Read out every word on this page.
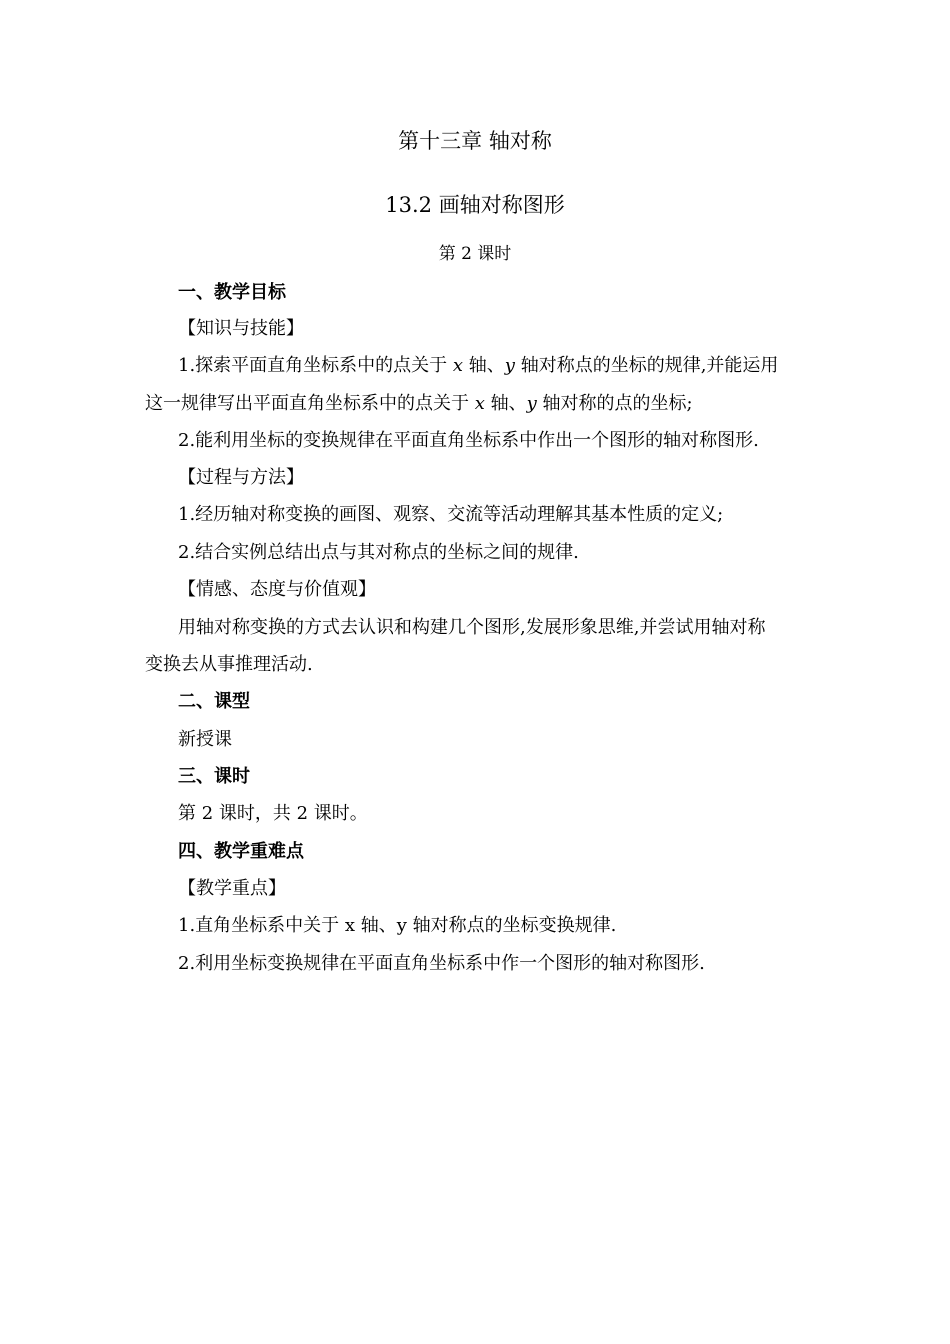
第十三章 轴对称
13.2 画轴对称图形
第 2 课时
一、教学目标
【知识与技能】
1.探索平面直角坐标系中的点关于 x 轴、y 轴对称点的坐标的规律,并能运用
这一规律写出平面直角坐标系中的点关于 x 轴、y 轴对称的点的坐标;
2.能利用坐标的变换规律在平面直角坐标系中作出一个图形的轴对称图形.
【过程与方法】
1.经历轴对称变换的画图、观察、交流等活动理解其基本性质的定义;
2.结合实例总结出点与其对称点的坐标之间的规律.
【情感、态度与价值观】
用轴对称变换的方式去认识和构建几个图形,发展形象思维,并尝试用轴对称
变换去从事推理活动.
二、课型
新授课
三、课时
第 2 课时，共 2 课时。
四、教学重难点
【教学重点】
1.直角坐标系中关于 x 轴、y 轴对称点的坐标变换规律.
2.利用坐标变换规律在平面直角坐标系中作一个图形的轴对称图形.
